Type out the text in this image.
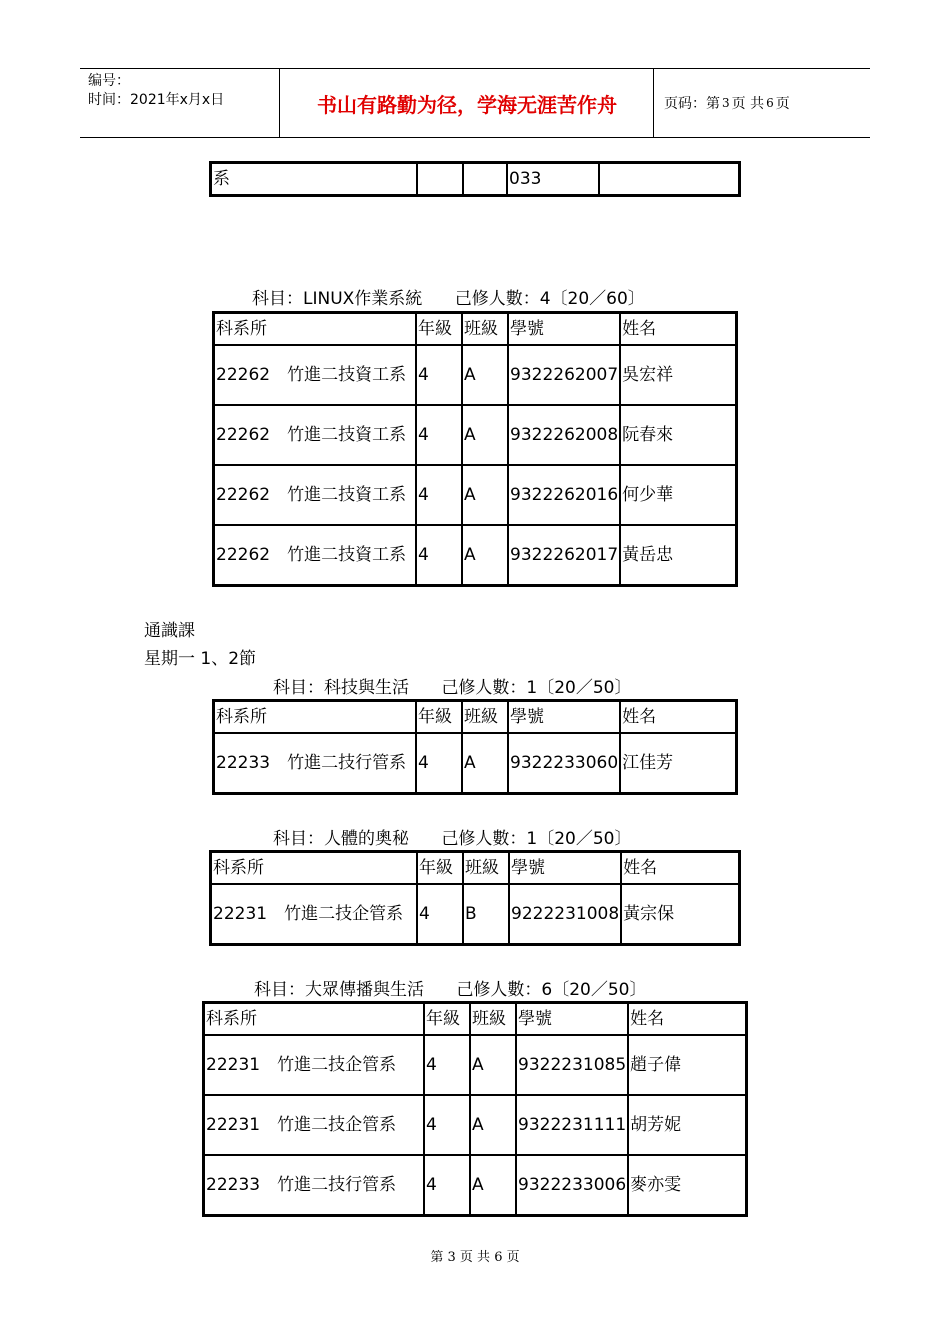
编号：
时间：2021年x月x日	书山有路勤为径，学海无涯苦作舟	页码：第 3 页 共 6 页
系			033	
科目：LINUX作業系統      己修人數：4〔20／60〕
科系所	年級	班級	學號	姓名
22262　竹進二技資工系	4	A	9322262007	吳宏祥
22262　竹進二技資工系	4	A	9322262008	阮春來
22262　竹進二技資工系	4	A	9322262016	何少華
22262　竹進二技資工系	4	A	9322262017	黃岳忠
通識課
星期一 1、2節
科目：科技與生活      己修人數：1〔20／50〕
科系所	年級	班級	學號	姓名
22233　竹進二技行管系	4	A	9322233060	江佳芳
科目：人體的奧秘      己修人數：1〔20／50〕
科系所	年級	班級	學號	姓名
22231　竹進二技企管系	4	B	9222231008	黃宗保
科目：大眾傳播與生活      己修人數：6〔20／50〕
科系所	年級	班級	學號	姓名
22231　竹進二技企管系	4	A	9322231085	趙子偉
22231　竹進二技企管系	4	A	9322231111	胡芳妮
22233　竹進二技行管系	4	A	9322233006	麥亦雯
第 3 页 共 6 页
